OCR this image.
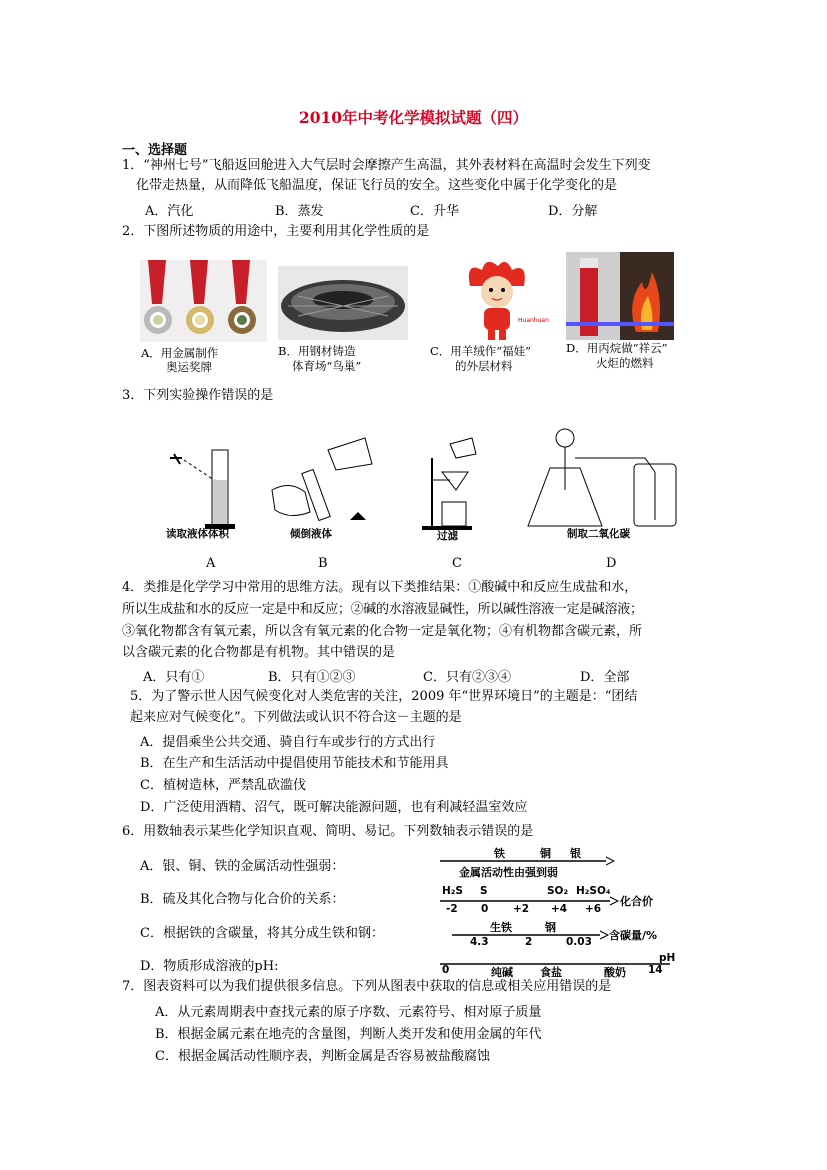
2010年中考化学模拟试题（四）
一、选择题
1．“神州七号”飞船返回舱进入大气层时会摩擦产生高温，其外表材料在高温时会发生下列变
化带走热量，从而降低飞船温度，保证飞行员的安全。这些变化中属于化学变化的是
A．汽化	B．蒸发	C．升华	D．分解
2．下图所述物质的用途中，主要利用其化学性质的是
Huanhuan
A．用金属制作
奥运奖牌
B．用钢材铸造
体育场“鸟巢”
C．用羊绒作“福娃”
的外层材料
D．用丙烷做“祥云”
火炬的燃料
3．下列实验操作错误的是
读取液体体积	倾倒液体	过滤	制取二氧化碳
A	B	C	D
4．类推是化学学习中常用的思维方法。现有以下类推结果：①酸碱中和反应生成盐和水，
所以生成盐和水的反应一定是中和反应；②碱的水溶液显碱性，所以碱性溶液一定是碱溶液；
③氧化物都含有氧元素，所以含有氧元素的化合物一定是氧化物；④有机物都含碳元素，所
以含碳元素的化合物都是有机物。其中错误的是
A．只有①	B．只有①②③	C．只有②③④	D．全部
5．为了警示世人因气候变化对人类危害的关注，2009 年“世界环境日”的主题是：“团结
起来应对气候变化”。下列做法或认识不符合这－主题的是
A．提倡乘坐公共交通、骑自行车或步行的方式出行
B．在生产和生活活动中提倡使用节能技术和节能用具
C．植树造林，严禁乱砍滥伐
D．广泛使用酒精、沼气，既可解决能源问题，也有利减轻温室效应
6．用数轴表示某些化学知识直观、简明、易记。下列数轴表示错误的是
A．银、铜、铁的金属活动性强弱：
B．硫及其化合物与化合价的关系：
C．根据铁的含碳量，将其分成生铁和钢：
D．物质形成溶液的pH:
铁	铜 银
金属活动性由强到弱
H₂S S	SO₂ H₂SO₄
化合价
-2 0 +2 +4 +6
生铁	钢
含碳量/%
4.3	2	0.03
pH
0	纯碱 食盐	酸奶 14
7．图表资料可以为我们提供很多信息。下列从图表中获取的信息或相关应用错误的是
A．从元素周期表中查找元素的原子序数、元素符号、相对原子质量
B．根据金属元素在地壳的含量图，判断人类开发和使用金属的年代
C．根据金属活动性顺序表，判断金属是否容易被盐酸腐蚀
